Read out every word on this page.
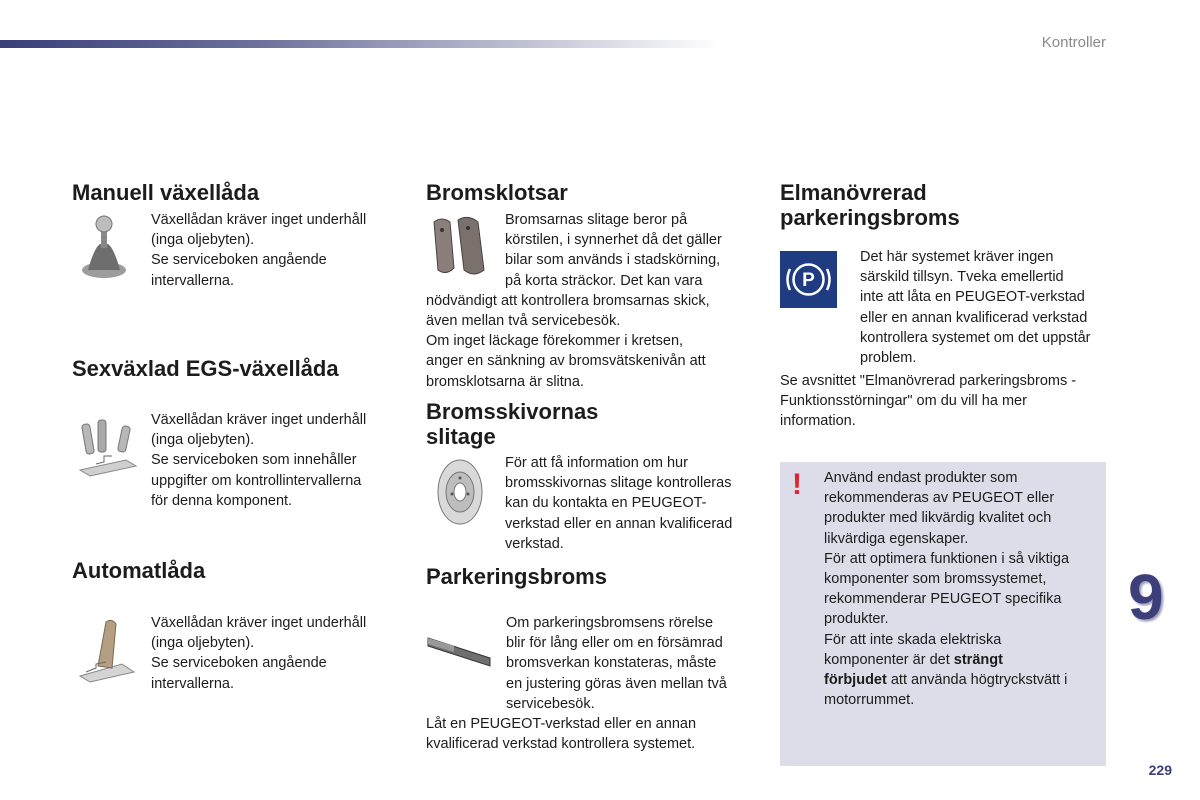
Kontroller
Manuell växellåda

Växellådan kräver inget underhåll

(inga oljebyten).

Se serviceboken angående

intervallerna.

Sexväxlad EGS-växellåda

Växellådan kräver inget underhåll

(inga oljebyten).

Se serviceboken som innehåller

uppgifter om kontrollintervallerna

för denna komponent.

Automatlåda

Växellådan kräver inget underhåll

(inga oljebyten).

Se serviceboken angående

intervallerna.

Bromsklotsar

Bromsarnas slitage beror på

körstilen, i synnerhet då det gäller

bilar som används i stadskörning,

på korta sträckor. Det kan vara

nödvändigt att kontrollera bromsarnas skick,

även mellan två servicebesök.

Om inget läckage förekommer i kretsen,

anger en sänkning av bromsvätskenivån att

bromsklotsarna är slitna.

Bromsskivornas
slitage

För att få information om hur

bromsskivornas slitage kontrolleras

kan du kontakta en PEUGEOT-

verkstad eller en annan kvalificerad

verkstad.

Parkeringsbroms

Om parkeringsbromsens rörelse

blir för lång eller om en försämrad

bromsverkan konstateras, måste

en justering göras även mellan två

servicebesök.

Låt en PEUGEOT-verkstad eller en annan

kvalificerad verkstad kontrollera systemet.

Elmanövrerad
parkeringsbroms
P

Det här systemet kräver ingen

särskild tillsyn. Tveka emellertid

inte att låta en PEUGEOT-verkstad

eller en annan kvalificerad verkstad

kontrollera systemet om det uppstår

problem.

Se avsnittet "Elmanövrerad parkeringsbroms -

Funktionsstörningar" om du vill ha mer

information.

! Använd endast produkter som

rekommenderas av PEUGEOT eller

produkter med likvärdig kvalitet och

likvärdiga egenskaper.

För att optimera funktionen i så viktiga

komponenter som bromssystemet,

rekommenderar PEUGEOT specifika

produkter.

För att inte skada elektriska

komponenter är det strängt

förbjudet att använda högtryckstvätt i

motorrummet.

9
229
